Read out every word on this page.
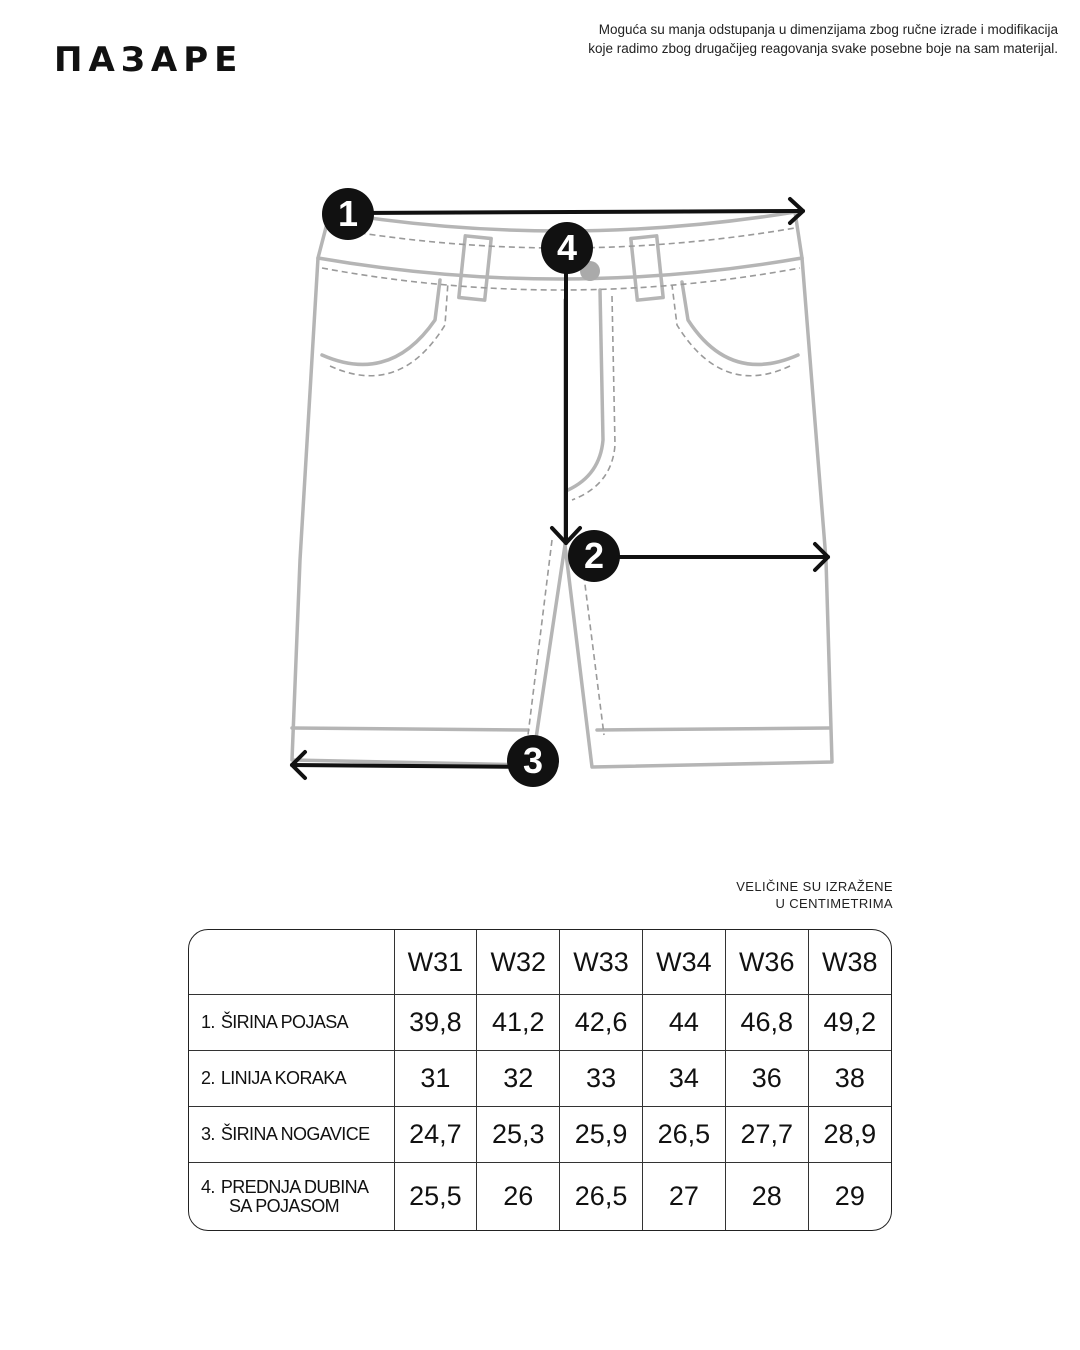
ΠΑЗАРЕ
Moguća su manja odstupanja u dimenzijama zbog ručne izrade i modifikacija
koje radimo zbog drugačijeg reagovanja svake posebne boje na sam materijal.
1
2
3
4
VELIČINE SU IZRAŽENE
U CENTIMETRIMA
	W31	W32	W33	W34	W36	W38
1. ŠIRINA POJASA	39,8	41,2	42,6	44	46,8	49,2
2. LINIJA KORAKA	31	32	33	34	36	38
3. ŠIRINA NOGAVICE	24,7	25,3	25,9	26,5	27,7	28,9
4. PREDNJA DUBINA
SA POJASOM	25,5	26	26,5	27	28	29
